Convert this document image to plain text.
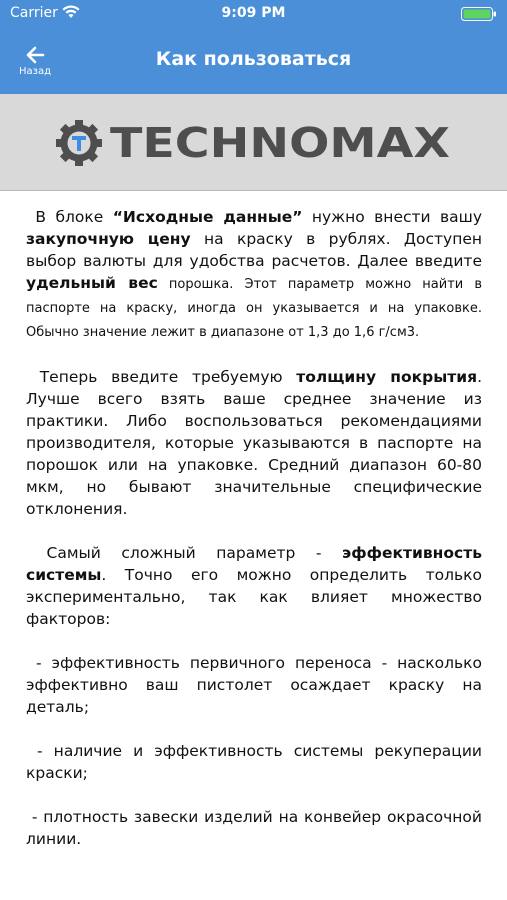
Carrier	9:09 PM
Назад
Как пользоваться
TECHNOMAX

В блоке “Исходные данные” нужно внести вашу закупочную цену на краску в рублях. Доступен выбор валюты для удобства расчетов. Далее введите удельный вес порошка. Этот параметр можно найти в паспорте на краску, иногда он указывается и на упаковке. Обычно значение лежит в диапазоне от 1,3 до 1,6 г/см3.

Теперь введите требуемую толщину покрытия. Лучше всего взять ваше среднее значение из практики. Либо воспользоваться рекомендациями производителя, которые указываются в паспорте на порошок или на упаковке. Средний диапазон 60-80 мкм, но бывают значительные специфические отклонения.

Самый сложный параметр - эффективность системы. Точно его можно определить только экспериментально, так как влияет множество факторов:

- эффективность первичного переноса - насколько эффективно ваш пистолет осаждает краску на деталь;

- наличие и эффективность системы рекуперации краски;

- плотность завески изделий на конвейер окрасочной линии.
